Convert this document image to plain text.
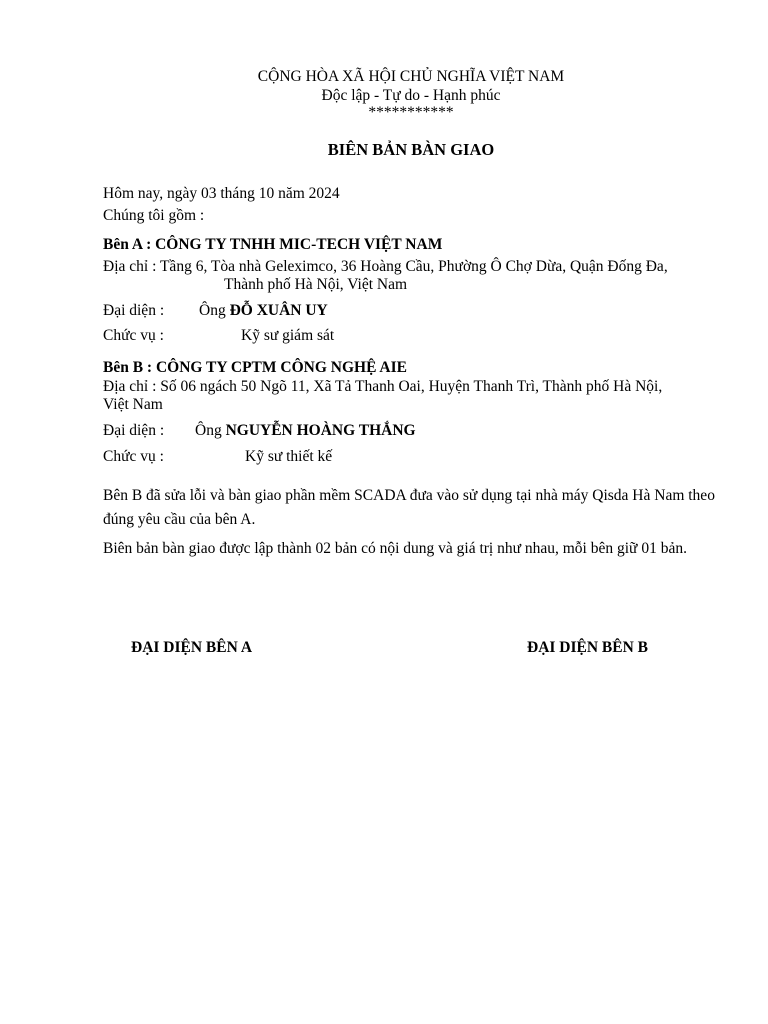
CỘNG HÒA XÃ HỘI CHỦ NGHĨA VIỆT NAM
Độc lập - Tự do - Hạnh phúc
***********
BIÊN BẢN BÀN GIAO
Hôm nay, ngày 03 tháng 10 năm 2024
Chúng tôi gồm :
Bên A : CÔNG TY TNHH MIC-TECH VIỆT NAM
Địa chỉ : Tầng 6, Tòa nhà Geleximco, 36 Hoàng Cầu, Phường Ô Chợ Dừa, Quận Đống Đa,
Thành phố Hà Nội, Việt Nam
Đại diện : Ông ĐỖ XUÂN UY
Chức vụ :	Kỹ sư giám sát
Bên B : CÔNG TY CPTM CÔNG NGHỆ AIE
Địa chỉ : Số 06 ngách 50 Ngõ 11, Xã Tả Thanh Oai, Huyện Thanh Trì, Thành phố Hà Nội,
Việt Nam
Đại diện : Ông NGUYỄN HOÀNG THẮNG
Chức vụ :	Kỹ sư thiết kế
Bên B đã sửa lỗi và bàn giao phần mềm SCADA đưa vào sử dụng tại nhà máy Qisda Hà Nam theo đúng yêu cầu của bên A.
Biên bản bàn giao được lập thành 02 bản có nội dung và giá trị như nhau, mỗi bên giữ 01 bản.
ĐẠI DIỆN BÊN A	ĐẠI DIỆN BÊN B
